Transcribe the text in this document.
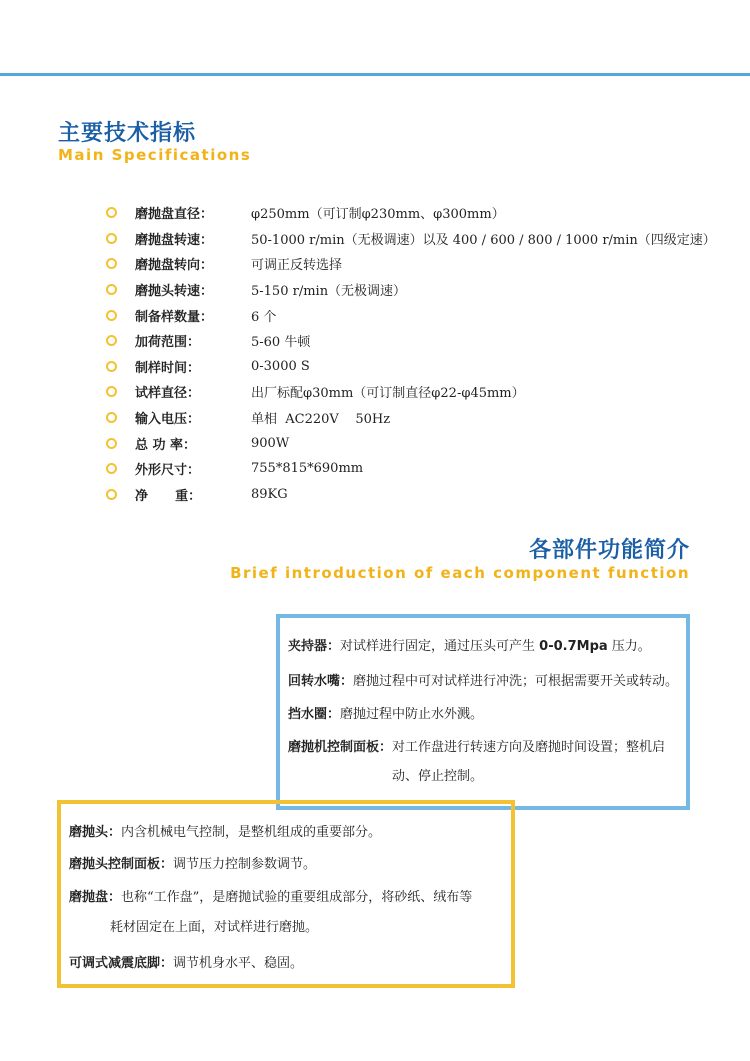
主要技术指标
Main Specifications
磨抛盘直径：	φ250mm（可订制φ230mm、φ300mm）
磨抛盘转速：	50-1000 r/min（无极调速）以及 400 / 600 / 800 / 1000 r/min（四级定速）
磨抛盘转向：	可调正反转选择
磨抛头转速：	5-150 r/min（无极调速）
制备样数量：	6 个
加荷范围：	5-60 牛顿
制样时间：	0-3000 S
试样直径：	出厂标配φ30mm（可订制直径φ22-φ45mm）
输入电压：	单相  AC220V    50Hz
总 功 率：	900W
外形尺寸：	755*815*690mm
净      重：	89KG
各部件功能简介
Brief introduction of each component function
夹持器：对试样进行固定，通过压头可产生 0-0.7Mpa 压力。
回转水嘴：磨抛过程中可对试样进行冲洗；可根据需要开关或转动。
挡水圈：磨抛过程中防止水外溅。
磨抛机控制面板：对工作盘进行转速方向及磨抛时间设置；整机启
动、停止控制。
磨抛头：内含机械电气控制，是整机组成的重要部分。
磨抛头控制面板：调节压力控制参数调节。
磨抛盘：也称“工作盘”，是磨抛试验的重要组成部分，将砂纸、绒布等
耗材固定在上面，对试样进行磨抛。
可调式减震底脚：调节机身水平、稳固。
